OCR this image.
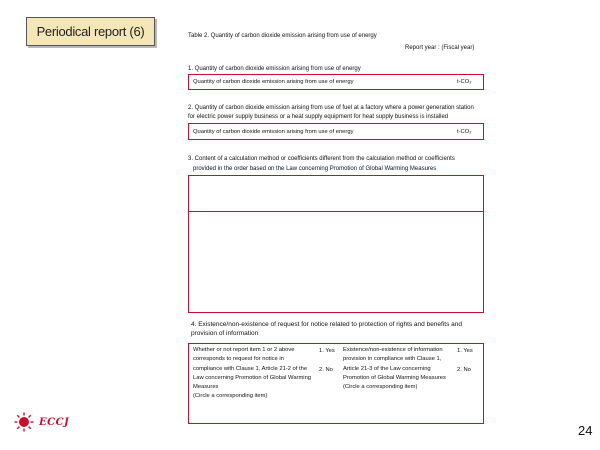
Periodical report (6)	Table 2. Quantity of carbon dioxide emission arising from use of energy
Report year : (Fiscal year)
1. Quantity of carbon dioxide emission arising from use of energy
Quantity of carbon dioxide emission arising from use of energy	t-CO₂
2. Quantity of carbon dioxide emission arising from use of fuel at a factory where a power generation station
for electric power supply business or a heat supply equipment for heat supply business is installed
Quantity of carbon dioxide emission arising from use of energy	t-CO₂
3. Content of a calculation method or coefficients different from the calculation method or coefficients
provided in the order based on the Law concerning Promotion of Global Warming Measures
4. Existence/non-existence of request for notice related to protection of rights and benefits and
provision of information
Whether or not report item 1 or 2 above
corresponds to request for notice in
compliance with Clause 1, Article 21-2 of the
Law concerning Promotion of Global Warming
Measures
(Circle a corresponding item)
1. Yes
2. No
Existence/non-existence of information
provision in compliance with Clause 1,
Article 21-3 of the Law concerning
Promotion of Global Warming Measures
(Circle a corresponding item)
1. Yes
2. No
ECCJ
24
